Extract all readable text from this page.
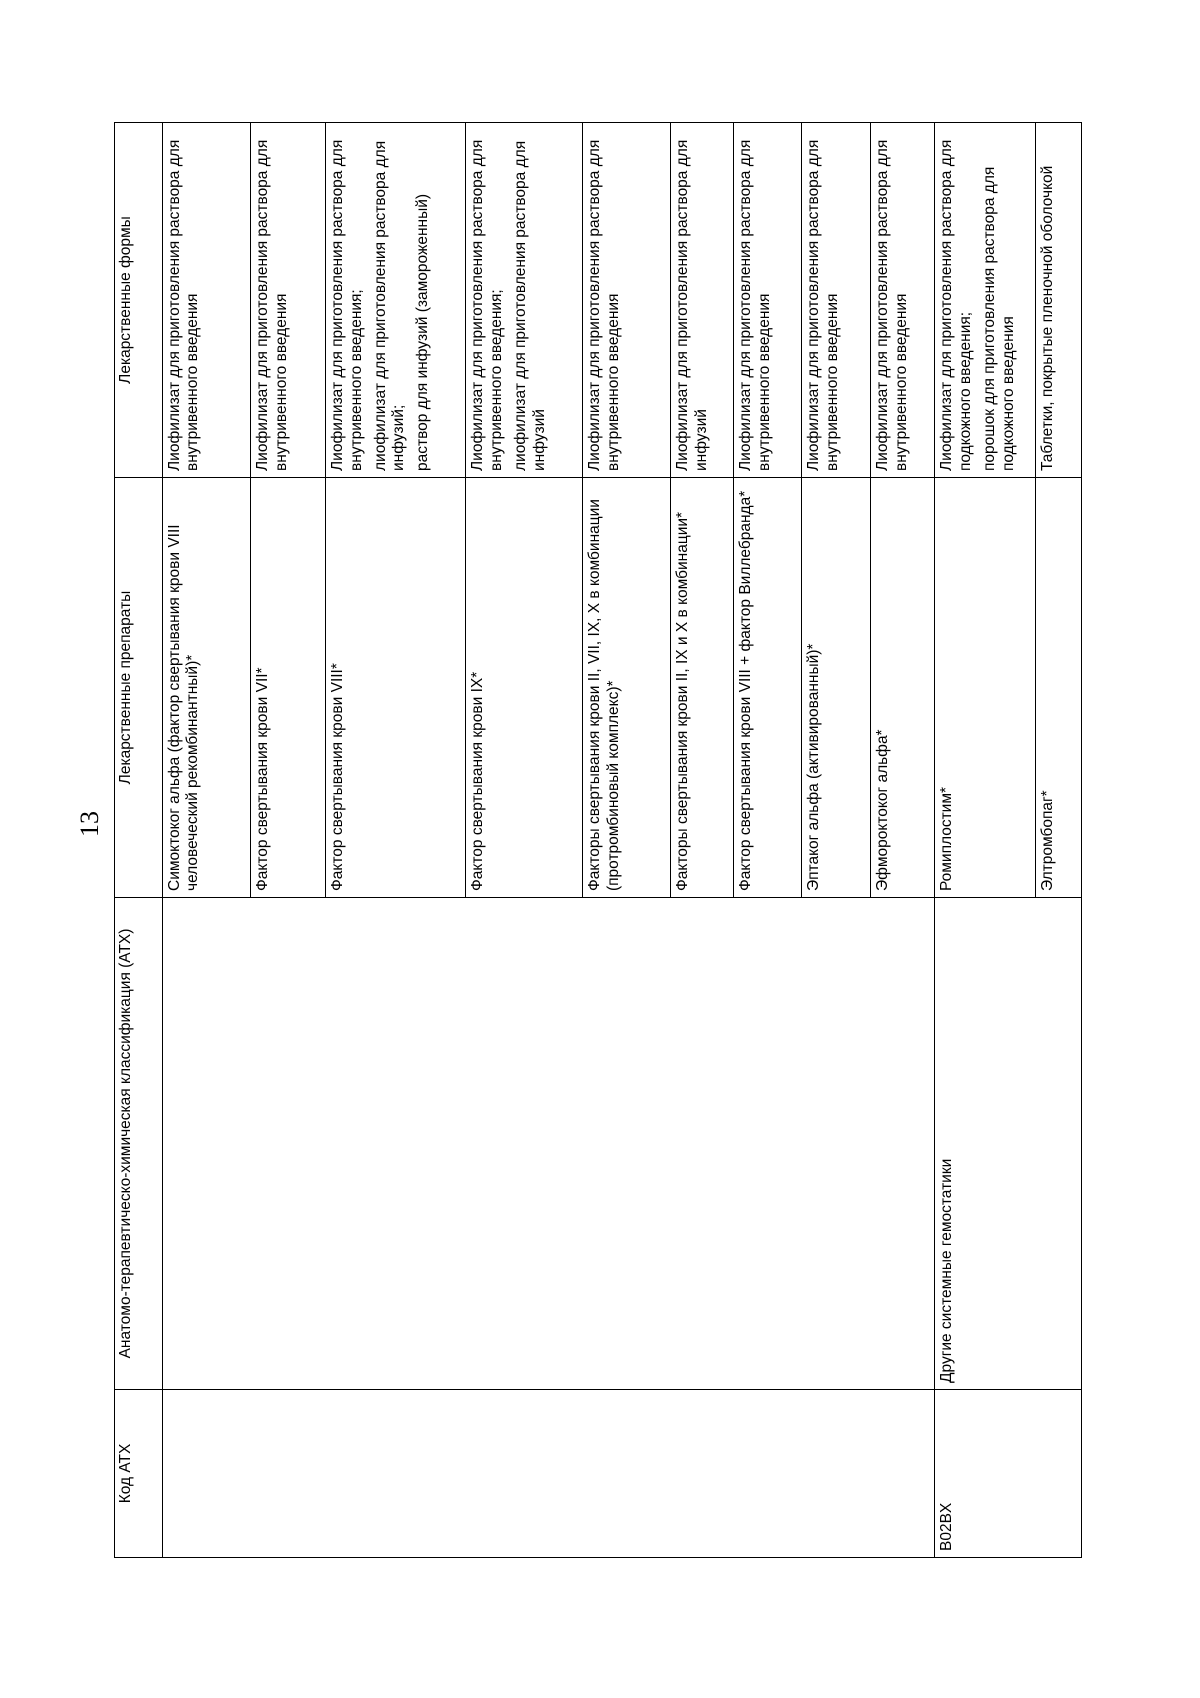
13
Код АТХ	Анатомо-терапевтическо-химическая классификация (АТХ)	Лекарственные препараты	Лекарственные формы
		Симоктоког альфа (фактор свертывания крови VIII человеческий рекомбинантный)*	Лиофилизат для приготовления раствора для внутривенного введения

		Фактор свертывания крови VII*	Лиофилизат для приготовления раствора для внутривенного введения

		Фактор свертывания крови VIII*	Лиофилизат для приготовления раствора для внутривенного введения; лиофилизат для приготовления раствора для инфузий; раствор для инфузий (замороженный)

		Фактор свертывания крови IX*	Лиофилизат для приготовления раствора для внутривенного введения; лиофилизат для приготовления раствора для инфузий

		Факторы свертывания крови II, VII, IX, X в комбинации (протромбиновый комплекс)*	Лиофилизат для приготовления раствора для внутривенного введения

		Факторы свертывания крови II, IX и X в комбинации*	Лиофилизат для приготовления раствора для инфузий

		Фактор свертывания крови VIII + фактор Виллебранда*	Лиофилизат для приготовления раствора для внутривенного введения

		Эптаког альфа (активированный)*	Лиофилизат для приготовления раствора для внутривенного введения

		Эфмороктоког альфа*	Лиофилизат для приготовления раствора для внутривенного введения

B02BX	Другие системные гемостатики	Ромиплостим*	Лиофилизат для приготовления раствора для подкожного введения; порошок для приготовления раствора для подкожного введения

		Элтромбопаг*	Таблетки, покрытые пленочной оболочкой
